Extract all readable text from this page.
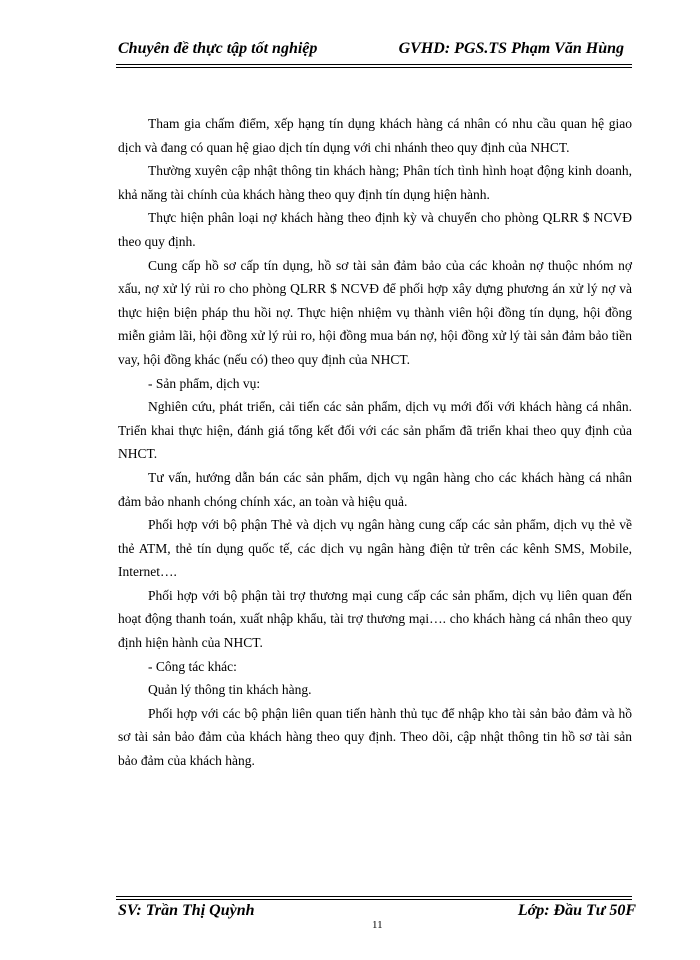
Chuyên đề thực tập tốt nghiệp	GVHD: PGS.TS Phạm Văn Hùng

Tham gia chấm điểm, xếp hạng tín dụng khách hàng cá nhân có nhu cầu quan hệ giao dịch và đang có quan hệ giao dịch tín dụng với chi nhánh theo quy định của NHCT.

Thường xuyên cập nhật thông tin khách hàng; Phân tích tình hình hoạt động kinh doanh, khả năng tài chính của khách hàng theo quy định tín dụng hiện hành.

Thực hiện phân loại nợ khách hàng theo định kỳ và chuyển cho phòng QLRR $ NCVĐ theo quy định.

Cung cấp hồ sơ cấp tín dụng, hồ sơ tài sản đảm bảo của các khoản nợ thuộc nhóm nợ xấu, nợ xử lý rủi ro cho phòng QLRR $ NCVĐ để phối hợp xây dựng phương án xử lý nợ và thực hiện biện pháp thu hồi nợ. Thực hiện nhiệm vụ thành viên hội đồng tín dụng, hội đồng miễn giảm lãi, hội đồng xử lý rủi ro, hội đồng mua bán nợ, hội đồng xử lý tài sản đảm bảo tiền vay, hội đồng khác (nếu có) theo quy định của NHCT.

- Sản phẩm, dịch vụ:

Nghiên cứu, phát triển, cải tiến các sản phẩm, dịch vụ mới đối với khách hàng cá nhân. Triển khai thực hiện, đánh giá tổng kết đối với các sản phẩm đã triển khai theo quy định của NHCT.

Tư vấn, hướng dẫn bán các sản phẩm, dịch vụ ngân hàng cho các khách hàng cá nhân đảm bảo nhanh chóng chính xác, an toàn và hiệu quả.

Phối hợp với bộ phận Thẻ và dịch vụ ngân hàng cung cấp các sản phẩm, dịch vụ thẻ về thẻ ATM, thẻ tín dụng quốc tế, các dịch vụ ngân hàng điện tử trên các kênh SMS, Mobile, Internet….

Phối hợp với bộ phận tài trợ thương mại cung cấp các sản phẩm, dịch vụ liên quan đến hoạt động thanh toán, xuất nhập khẩu, tài trợ thương mại…. cho khách hàng cá nhân theo quy định hiện hành của NHCT.

- Công tác khác:

Quản lý thông tin khách hàng.

Phối hợp với các bộ phận liên quan tiến hành thủ tục để nhập kho tài sản bảo đảm và hồ sơ tài sản bảo đảm của khách hàng theo quy định. Theo dõi, cập nhật thông tin hồ sơ tài sản bảo đảm của khách hàng.

SV: Trần Thị Quỳnh
11
Lớp: Đầu Tư 50F
